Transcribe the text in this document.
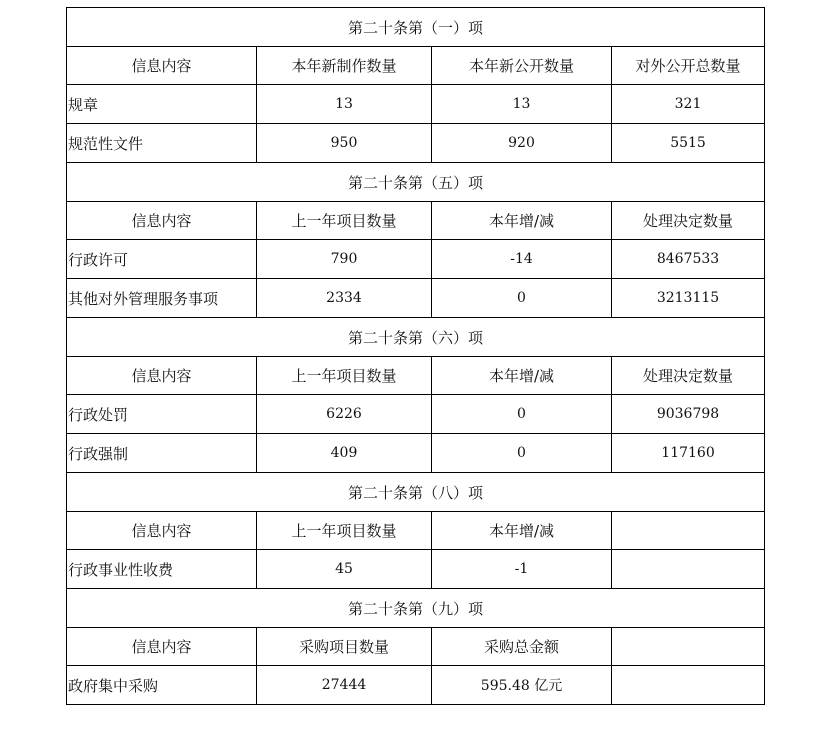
第二十条第（一）项			
信息内容	本年新制作数量	本年新公开数量	对外公开总数量
规章	13	13	321
规范性文件	950	920	5515
第二十条第（五）项			
信息内容	上一年项目数量	本年增/减	处理决定数量
行政许可	790	-14	8467533
其他对外管理服务事项	2334	0	3213115
第二十条第（六）项			
信息内容	上一年项目数量	本年增/减	处理决定数量
行政处罚	6226	0	9036798
行政强制	409	0	117160
第二十条第（八）项			
信息内容	上一年项目数量	本年增/减	
行政事业性收费	45	-1	
第二十条第（九）项			
信息内容	采购项目数量	采购总金额	
政府集中采购	27444	595.48 亿元	
